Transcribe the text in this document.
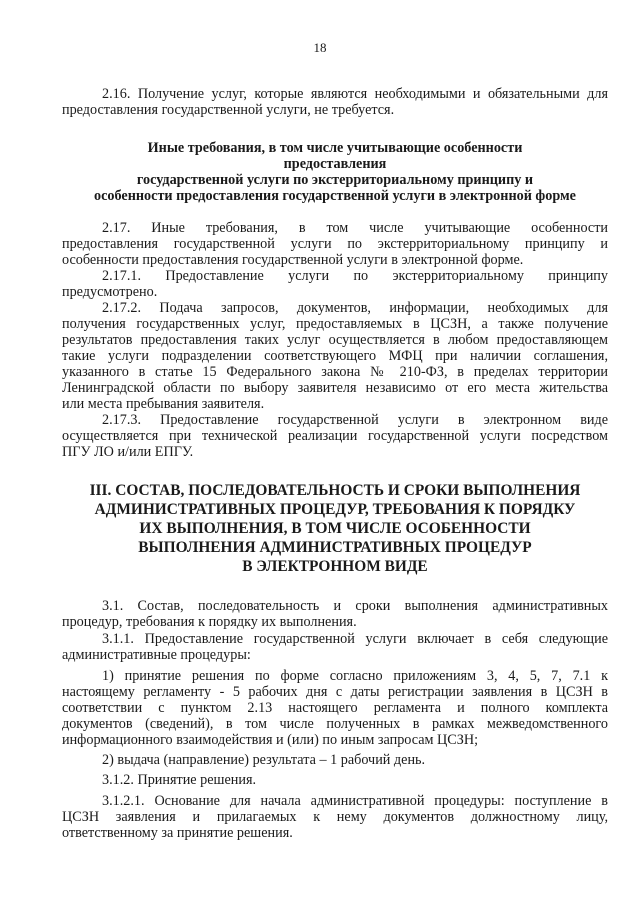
18
2.16. Получение услуг, которые являются необходимыми и обязательными для
предоставления государственной услуги, не требуется.
Иные требования, в том числе учитывающие особенности
предоставления
государственной услуги по экстерриториальному принципу и
особенности предоставления государственной услуги в электронной форме
2.17. Иные требования, в том числе учитывающие особенности
предоставления государственной услуги по экстерриториальному принципу и
особенности предоставления государственной услуги в электронной форме.
2.17.1. Предоставление услуги по экстерриториальному принципу
предусмотрено.
2.17.2. Подача запросов, документов, информации, необходимых для
получения государственных услуг, предоставляемых в ЦСЗН, а также получение
результатов предоставления таких услуг осуществляется в любом предоставляющем
такие услуги подразделении соответствующего МФЦ при наличии соглашения,
указанного в статье 15 Федерального закона № 210-ФЗ, в пределах территории
Ленинградской области по выбору заявителя независимо от его места жительства
или места пребывания заявителя.
2.17.3. Предоставление государственной услуги в электронном виде
осуществляется при технической реализации государственной услуги посредством
ПГУ ЛО и/или ЕПГУ.
III. СОСТАВ, ПОСЛЕДОВАТЕЛЬНОСТЬ И СРОКИ ВЫПОЛНЕНИЯ
АДМИНИСТРАТИВНЫХ ПРОЦЕДУР, ТРЕБОВАНИЯ К ПОРЯДКУ
ИХ ВЫПОЛНЕНИЯ, В ТОМ ЧИСЛЕ ОСОБЕННОСТИ
ВЫПОЛНЕНИЯ АДМИНИСТРАТИВНЫХ ПРОЦЕДУР
В ЭЛЕКТРОННОМ ВИДЕ
3.1. Состав, последовательность и сроки выполнения административных
процедур, требования к порядку их выполнения.
3.1.1. Предоставление государственной услуги включает в себя следующие
административные процедуры:
1) принятие решения по форме согласно приложениям 3, 4, 5, 7, 7.1 к
настоящему регламенту - 5 рабочих дня с даты регистрации заявления в ЦСЗН в
соответствии с пунктом 2.13 настоящего регламента и полного комплекта
документов (сведений), в том числе полученных в рамках межведомственного
информационного взаимодействия и (или) по иным запросам ЦСЗН;
2) выдача (направление) результата – 1 рабочий день.
3.1.2. Принятие решения.
3.1.2.1. Основание для начала административной процедуры: поступление в
ЦСЗН заявления и прилагаемых к нему документов должностному лицу,
ответственному за принятие решения.
